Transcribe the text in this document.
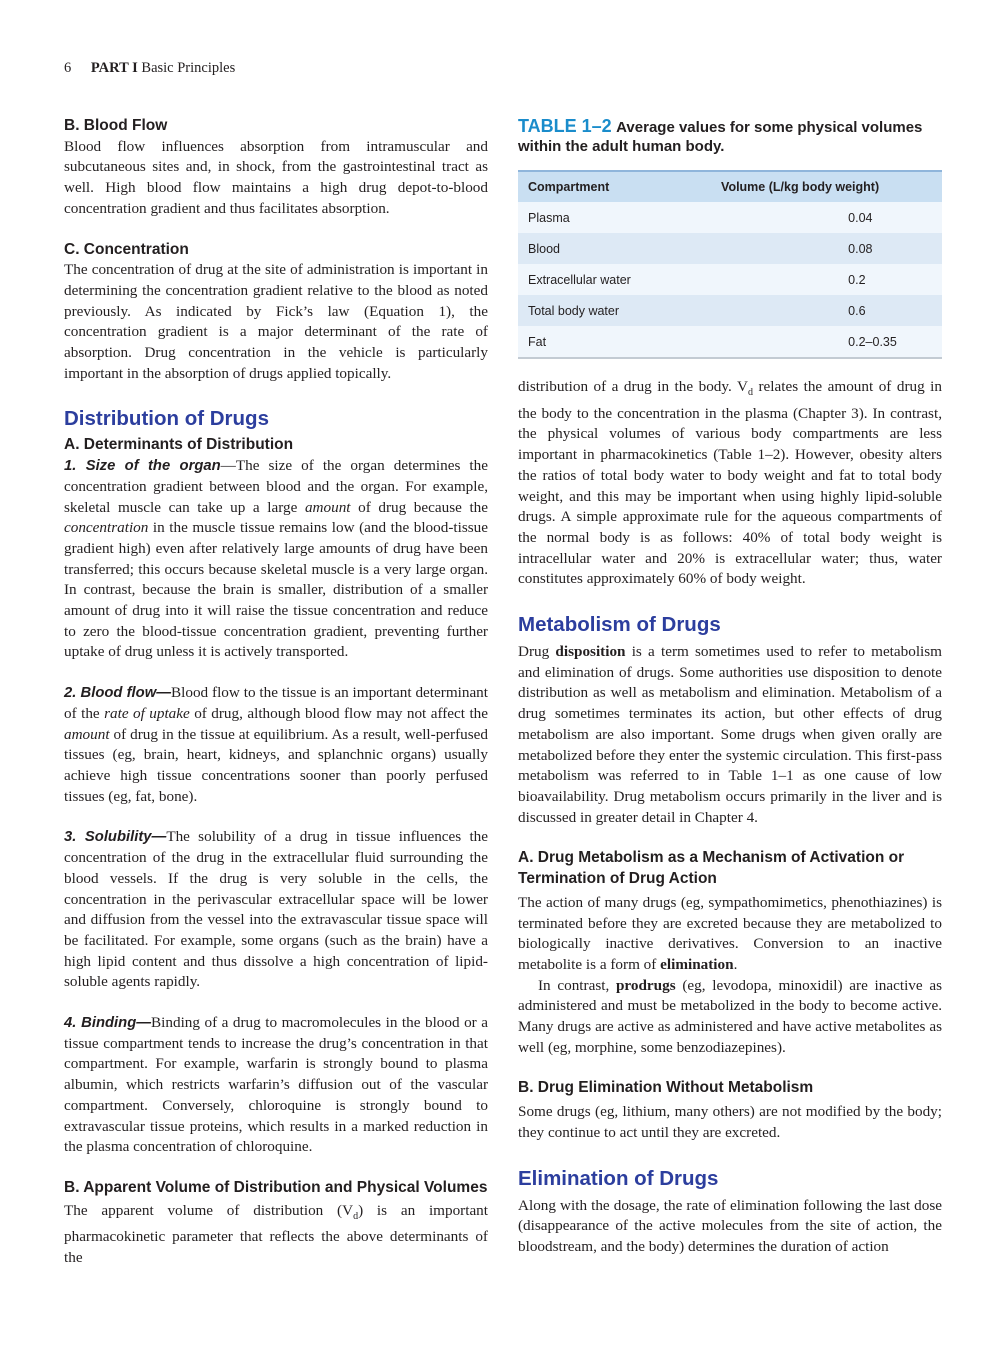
6 PART I Basic Principles
B. Blood Flow

Blood flow influences absorption from intramuscular and subcutaneous sites and, in shock, from the gastrointestinal tract as well. High blood flow maintains a high drug depot-to-blood concentration gradient and thus facilitates absorption.

C. Concentration

The concentration of drug at the site of administration is important in determining the concentration gradient relative to the blood as noted previously. As indicated by Fick’s law (Equation 1), the concentration gradient is a major determinant of the rate of absorption. Drug concentration in the vehicle is particularly important in the absorption of drugs applied topically.

Distribution of Drugs
A. Determinants of Distribution

1. Size of the organ—The size of the organ determines the concentration gradient between blood and the organ. For example, skeletal muscle can take up a large amount of drug because the concentration in the muscle tissue remains low (and the blood-tissue gradient high) even after relatively large amounts of drug have been transferred; this occurs because skeletal muscle is a very large organ. In contrast, because the brain is smaller, distribution of a smaller amount of drug into it will raise the tissue concentration and reduce to zero the blood-tissue concentration gradient, preventing further uptake of drug unless it is actively transported.

2. Blood flow—Blood flow to the tissue is an important determinant of the rate of uptake of drug, although blood flow may not affect the amount of drug in the tissue at equilibrium. As a result, well-perfused tissues (eg, brain, heart, kidneys, and splanchnic organs) usually achieve high tissue concentrations sooner than poorly perfused tissues (eg, fat, bone).

3. Solubility—The solubility of a drug in tissue influences the concentration of the drug in the extracellular fluid surrounding the blood vessels. If the drug is very soluble in the cells, the concentration in the perivascular extracellular space will be lower and diffusion from the vessel into the extravascular tissue space will be facilitated. For example, some organs (such as the brain) have a high lipid content and thus dissolve a high concentration of lipid-soluble agents rapidly.

4. Binding—Binding of a drug to macromolecules in the blood or a tissue compartment tends to increase the drug’s concentration in that compartment. For example, warfarin is strongly bound to plasma albumin, which restricts warfarin’s diffusion out of the vascular compartment. Conversely, chloroquine is strongly bound to extravascular tissue proteins, which results in a marked reduction in the plasma concentration of chloroquine.

B. Apparent Volume of Distribution and Physical Volumes

The apparent volume of distribution $(V_d)$ is an important pharmacokinetic parameter that reflects the above determinants of the

TABLE 1–2 Average values for some physical volumes within the adult human body.
Compartment	Volume (L/kg body weight)
Plasma	0.04
Blood	0.08
Extracellular water	0.2
Total body water	0.6
Fat	0.2–0.35

distribution of a drug in the body. $V_d$ relates the amount of drug in the body to the concentration in the plasma (Chapter 3). In contrast, the physical volumes of various body compartments are less important in pharmacokinetics (Table 1–2). However, obesity alters the ratios of total body water to body weight and fat to total body weight, and this may be important when using highly lipid-soluble drugs. A simple approximate rule for the aqueous compartments of the normal body is as follows: 40% of total body weight is intracellular water and 20% is extracellular water; thus, water constitutes approximately 60% of body weight.

Metabolism of Drugs

Drug disposition is a term sometimes used to refer to metabolism and elimination of drugs. Some authorities use disposition to denote distribution as well as metabolism and elimination. Metabolism of a drug sometimes terminates its action, but other effects of drug metabolism are also important. Some drugs when given orally are metabolized before they enter the systemic circulation. This first-pass metabolism was referred to in Table 1–1 as one cause of low bioavailability. Drug metabolism occurs primarily in the liver and is discussed in greater detail in Chapter 4.

A. Drug Metabolism as a Mechanism of Activation or Termination of Drug Action

The action of many drugs (eg, sympathomimetics, phenothiazines) is terminated before they are excreted because they are metabolized to biologically inactive derivatives. Conversion to an inactive metabolite is a form of elimination.

In contrast, prodrugs (eg, levodopa, minoxidil) are inactive as administered and must be metabolized in the body to become active. Many drugs are active as administered and have active metabolites as well (eg, morphine, some benzodiazepines).

B. Drug Elimination Without Metabolism

Some drugs (eg, lithium, many others) are not modified by the body; they continue to act until they are excreted.

Elimination of Drugs

Along with the dosage, the rate of elimination following the last dose (disappearance of the active molecules from the site of action, the bloodstream, and the body) determines the duration of action
